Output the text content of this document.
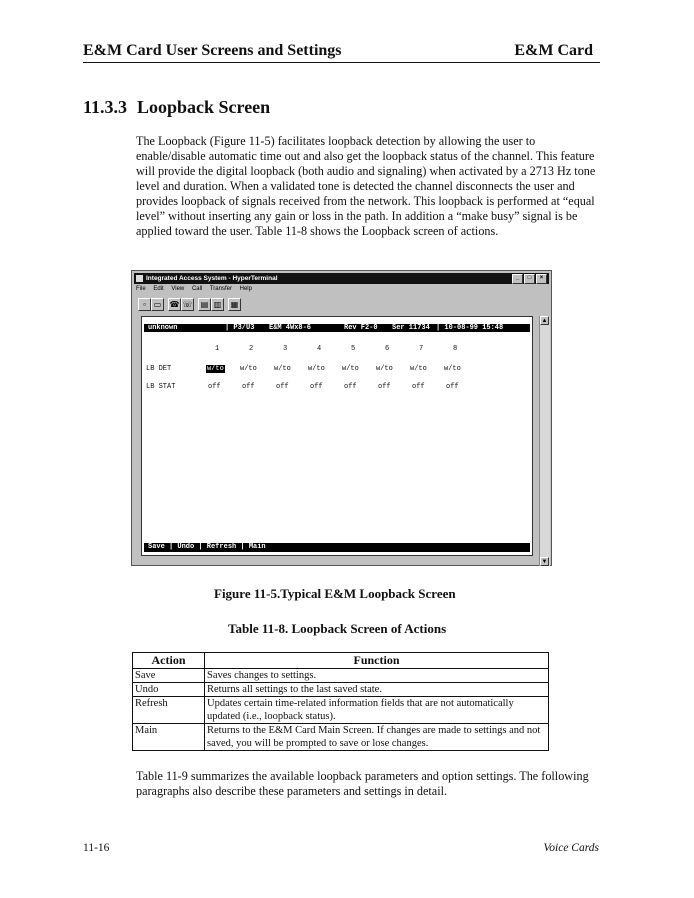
E&M Card User Screens and Settings	E&M Card
11.3.3 Loopback Screen

The Loopback (Figure 11-5) facilitates loopback detection by allowing the user to enable/disable automatic time out and also get the loopback status of the channel. This feature will provide the digital loopback (both audio and signaling) when activated by a 2713 Hz tone level and duration. When a validated tone is detected the channel disconnects the user and provides loopback of signals received from the network. This loopback is performed at “equal level” without inserting any gain or loss in the path. In addition a “make busy” signal is be applied toward the user. Table 11-8 shows the Loopback screen of actions.

Integrated Access System - HyperTerminal	_ □ ×
File Edit View Call Transfer Help
▫ ▭	☎ ☏	▤ ▥	▦
unknown	| P3/U3 E&M 4Wx8-6	Rev F2-0 Ser 11734 | 10-08-99 15:48
1	2	3	4	5	6	7	8
LB DET	w/to w/to w/to w/to w/to w/to w/to w/to
LB STAT	off	off	off	off	off	off	off	off
Save | Undo | Refresh | Main
▲
▼
Figure 11-5.Typical E&M Loopback Screen
Table 11-8. Loopback Screen of Actions
Action	Function
Save	Saves changes to settings.
Undo	Returns all settings to the last saved state.
Refresh	Updates certain time-related information fields that are not automatically updated (i.e., loopback status).
Main	Returns to the E&M Card Main Screen. If changes are made to settings and not saved, you will be prompted to save or lose changes.

Table 11-9 summarizes the available loopback parameters and option settings. The following paragraphs also describe these parameters and settings in detail.

11-16	Voice Cards
